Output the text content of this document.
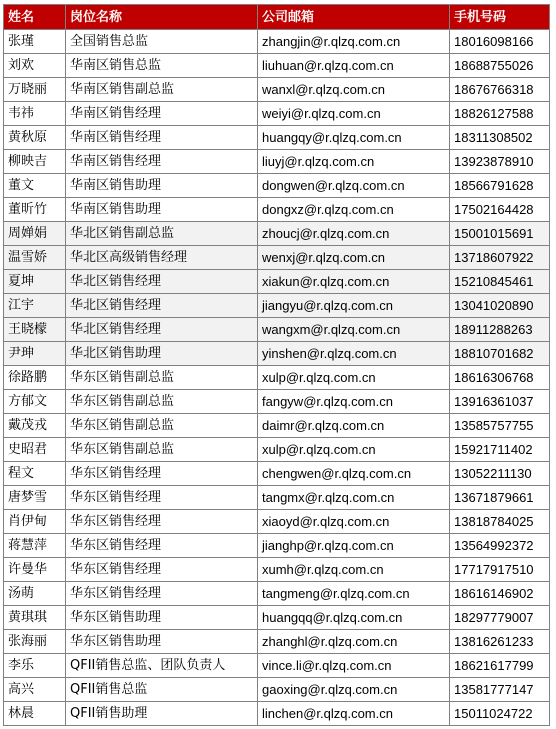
姓名	岗位名称	公司邮箱	手机号码
张瑾	全国销售总监	zhangjin@r.qlzq.com.cn	18016098166
刘欢	华南区销售总监	liuhuan@r.qlzq.com.cn	18688755026
万晓丽	华南区销售副总监	wanxl@r.qlzq.com.cn	18676766318
韦祎	华南区销售经理	weiyi@r.qlzq.com.cn	18826127588
黄秋原	华南区销售经理	huangqy@r.qlzq.com.cn	18311308502
柳映吉	华南区销售经理	liuyj@r.qlzq.com.cn	13923878910
董文	华南区销售助理	dongwen@r.qlzq.com.cn	18566791628
董昕竹	华南区销售助理	dongxz@r.qlzq.com.cn	17502164428
周婵娟	华北区销售副总监	zhoucj@r.qlzq.com.cn	15001015691
温雪娇	华北区高级销售经理	wenxj@r.qlzq.com.cn	13718607922
夏坤	华北区销售经理	xiakun@r.qlzq.com.cn	15210845461
江宇	华北区销售经理	jiangyu@r.qlzq.com.cn	13041020890
王晓檬	华北区销售经理	wangxm@r.qlzq.com.cn	18911288263
尹珅	华北区销售助理	yinshen@r.qlzq.com.cn	18810701682
徐路鹏	华东区销售副总监	xulp@r.qlzq.com.cn	18616306768
方郁文	华东区销售副总监	fangyw@r.qlzq.com.cn	13916361037
戴茂戎	华东区销售副总监	daimr@r.qlzq.com.cn	13585757755
史昭君	华东区销售副总监	xulp@r.qlzq.com.cn	15921711402
程文	华东区销售经理	chengwen@r.qlzq.com.cn	13052211130
唐梦雪	华东区销售经理	tangmx@r.qlzq.com.cn	13671879661
肖伊甸	华东区销售经理	xiaoyd@r.qlzq.com.cn	13818784025
蒋慧萍	华东区销售经理	jianghp@r.qlzq.com.cn	13564992372
许曼华	华东区销售经理	xumh@r.qlzq.com.cn	17717917510
汤萌	华东区销售经理	tangmeng@r.qlzq.com.cn	18616146902
黄琪琪	华东区销售助理	huangqq@r.qlzq.com.cn	18297779007
张海丽	华东区销售助理	zhanghl@r.qlzq.com.cn	13816261233
李乐	QFII销售总监、团队负责人	vince.li@r.qlzq.com.cn	18621617799
高兴	QFII销售总监	gaoxing@r.qlzq.com.cn	13581777147
林晨	QFII销售助理	linchen@r.qlzq.com.cn	15011024722
